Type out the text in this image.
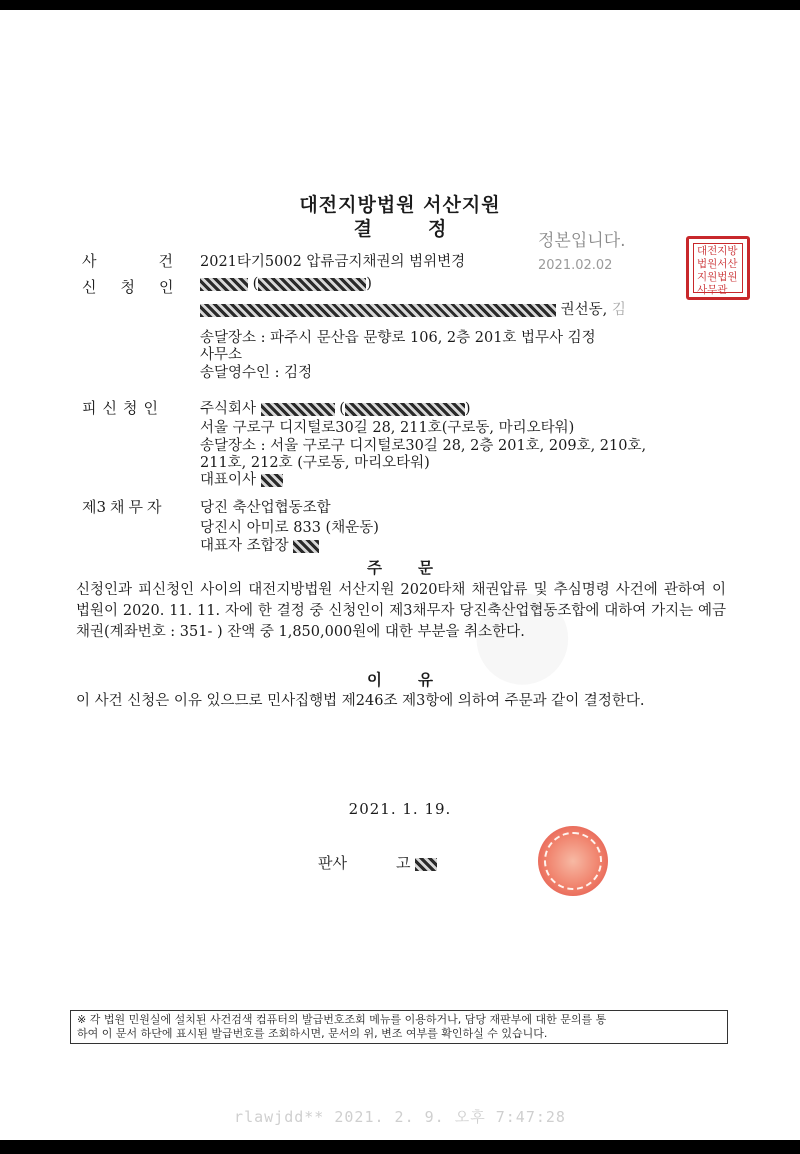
대전지방법원 서산지원
결	정
정본입니다.
2021.02.02
대전지방법원서산지원법원사무관
사	건 2021타기5002 압류금지채권의 범위변경
신 청 인	(	)
권선동, 김
송달장소 : 파주시 문산읍 문향로 106, 2층 201호 법무사 김정
사무소
송달영수인 : 김정
피 신 청 인	주식회사	(	)
서울 구로구 디지털로30길 28, 211호(구로동, 마리오타워)
송달장소 : 서울 구로구 디지털로30길 28, 2층 201호, 209호, 210호,
211호, 212호 (구로동, 마리오타워)
대표이사
제3 채 무 자	당진 축산업협동조합
당진시 아미로 833 (채운동)
대표자 조합장
●
주 문
신청인과 피신청인 사이의 대전지방법원 서산지원 2020타채 채권압류 및 추심명령 사건에 관하여 이 법원이 2020. 11. 11. 자에 한 결정 중 신청인이 제3채무자 당진축산업협동조합에 대하여 가지는 예금채권(계좌번호 : 351- ) 잔액 중 1,850,000원에 대한 부분을 취소한다.
이 유
이 사건 신청은 이유 있으므로 민사집행법 제246조 제3항에 의하여 주문과 같이 결정한다.
2021. 1. 19.
판사	고
※ 각 법원 민원실에 설치된 사건검색 컴퓨터의 발급번호조회 메뉴를 이용하거나, 담당 재판부에 대한 문의를 통
하여 이 문서 하단에 표시된 발급번호를 조회하시면, 문서의 위, 변조 여부를 확인하실 수 있습니다.
rlawjdd** 2021. 2. 9. 오후 7:47:28
